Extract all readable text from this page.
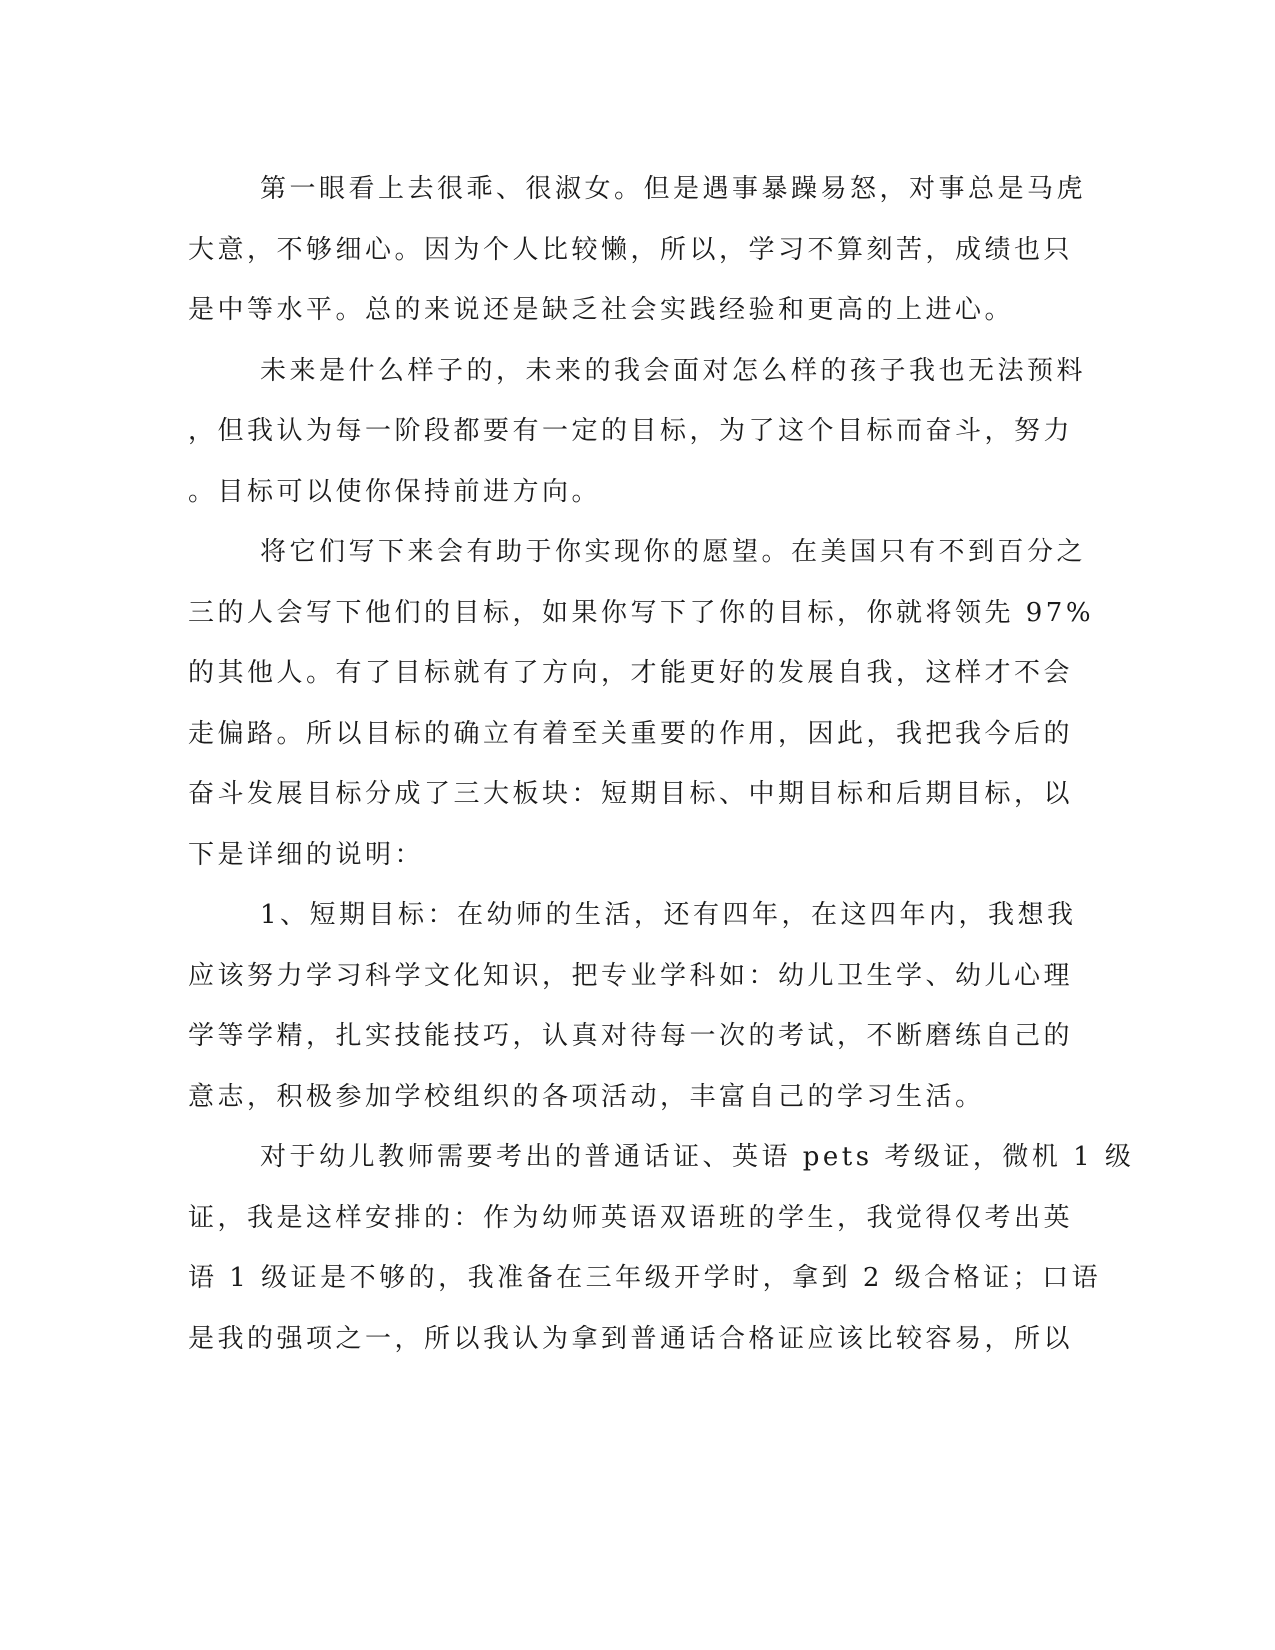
第一眼看上去很乖、很淑女。但是遇事暴躁易怒，对事总是马虎
大意，不够细心。因为个人比较懒，所以，学习不算刻苦，成绩也只
是中等水平。总的来说还是缺乏社会实践经验和更高的上进心。

未来是什么样子的，未来的我会面对怎么样的孩子我也无法预料
，但我认为每一阶段都要有一定的目标，为了这个目标而奋斗，努力
。目标可以使你保持前进方向。

将它们写下来会有助于你实现你的愿望。在美国只有不到百分之
三的人会写下他们的目标，如果你写下了你的目标，你就将领先 97%
的其他人。有了目标就有了方向，才能更好的发展自我，这样才不会
走偏路。所以目标的确立有着至关重要的作用，因此，我把我今后的
奋斗发展目标分成了三大板块：短期目标、中期目标和后期目标，以
下是详细的说明：

1、短期目标：在幼师的生活，还有四年，在这四年内，我想我
应该努力学习科学文化知识，把专业学科如：幼儿卫生学、幼儿心理
学等学精，扎实技能技巧，认真对待每一次的考试，不断磨练自己的
意志，积极参加学校组织的各项活动，丰富自己的学习生活。

对于幼儿教师需要考出的普通话证、英语 pets 考级证，微机 1 级
证，我是这样安排的：作为幼师英语双语班的学生，我觉得仅考出英
语 1 级证是不够的，我准备在三年级开学时，拿到 2 级合格证；口语
是我的强项之一，所以我认为拿到普通话合格证应该比较容易，所以
